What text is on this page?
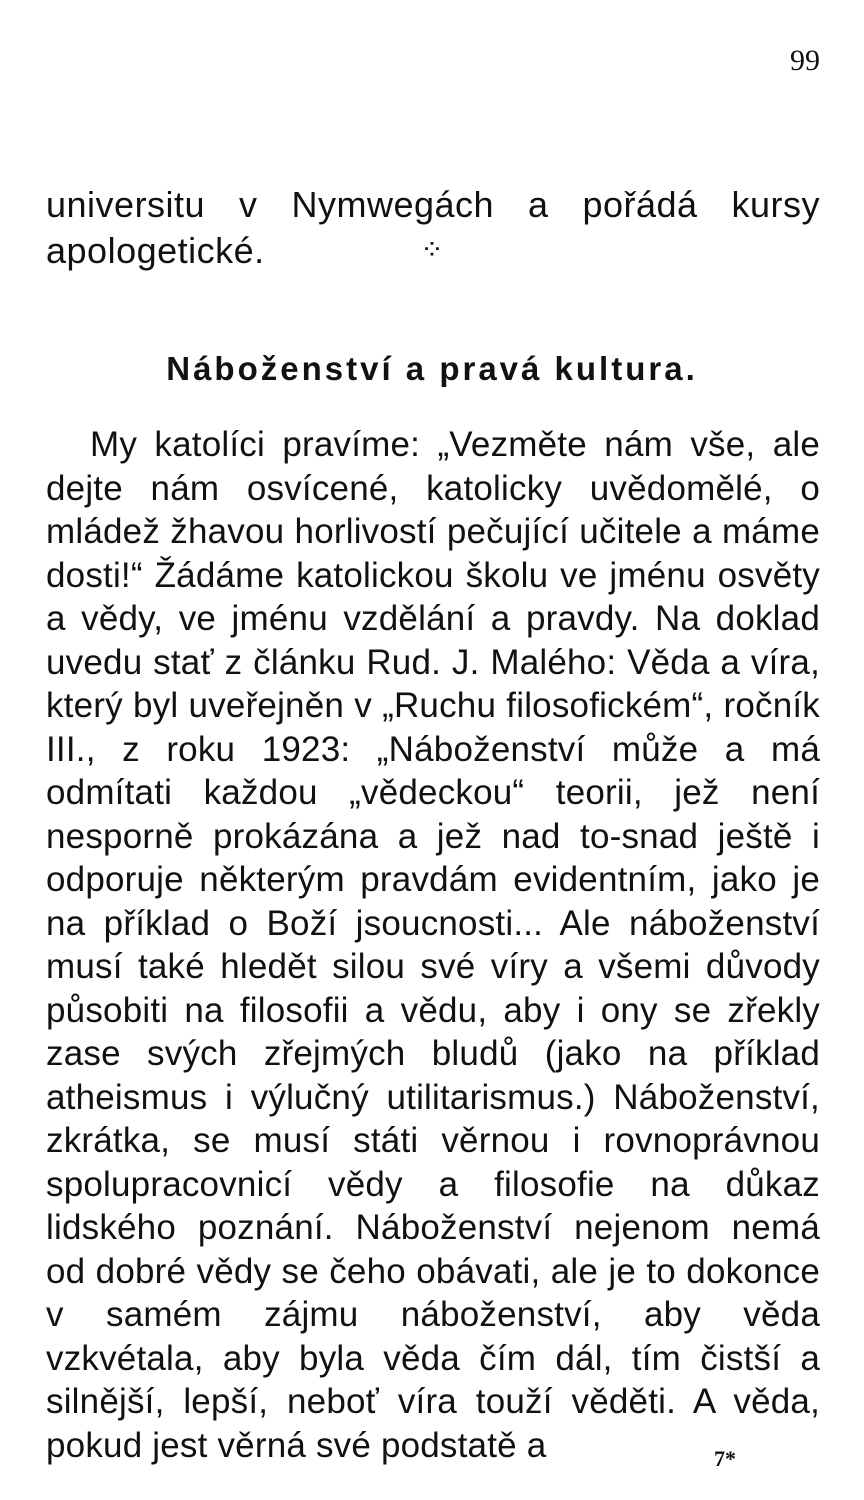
99

universitu v Nymwegách a pořádá kursy apologetické.	⁘
Náboženství a pravá kultura.

My katolíci pravíme: „Vezměte nám vše, ale dejte nám osvícené, katolicky uvědomělé, o mládež žhavou horlivostí pečující učitele a máme dosti!“ Žádáme katolickou školu ve jménu osvěty a vědy, ve jménu vzdělání a pravdy. Na doklad uvedu stať z článku Rud. J. Malého: Věda a víra, který byl uveřejněn v „Ruchu filosofickém“, ročník III., z roku 1923: „Náboženství může a má odmítati každou „vědeckou“ teorii, jež není nesporně prokázána a jež nad to-snad ještě i odporuje některým pravdám evidentním, jako je na příklad o Boží jsoucnosti... Ale náboženství musí také hledět silou své víry a všemi důvody působiti na filosofii a vědu, aby i ony se zřekly zase svých zřejmých bludů (jako na příklad atheismus i výlučný utilitarismus.) Náboženství, zkrátka, se musí státi věrnou i rovnoprávnou spolupracovnicí vědy a filosofie na důkaz lidského poznání. Náboženství nejenom nemá od dobré vědy se čeho obávati, ale je to dokonce v samém zájmu náboženství, aby věda vzkvétala, aby byla věda čím dál, tím čistší a silnější, lepší, neboť víra touží věděti. A věda, pokud jest věrná své podstatě a	7*
